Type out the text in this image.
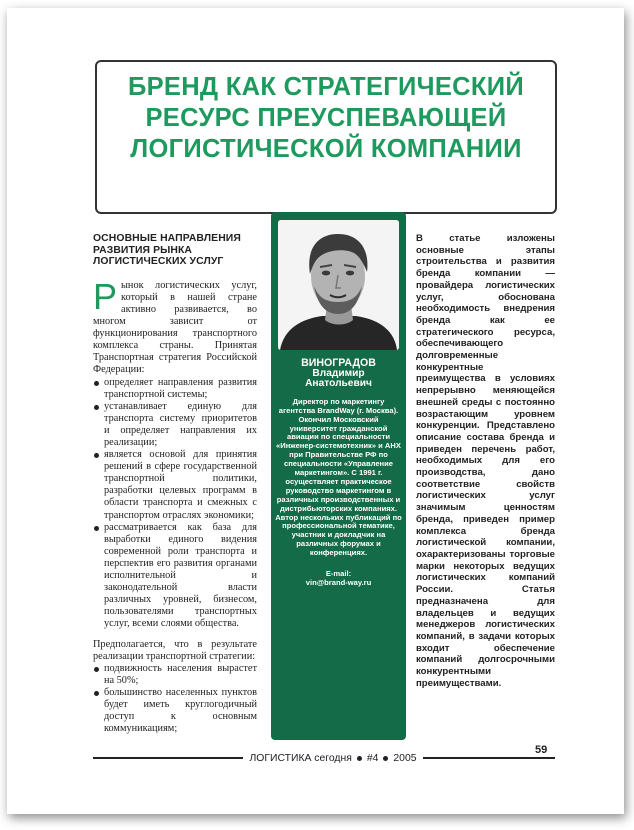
БРЕНД КАК СТРАТЕГИЧЕСКИЙ РЕСУРС ПРЕУСПЕВАЮЩЕЙ ЛОГИСТИЧЕСКОЙ КОМПАНИИ
ОСНОВНЫЕ НАПРАВЛЕНИЯ РАЗВИТИЯ РЫНКА ЛОГИСТИЧЕСКИХ УСЛУГ
Р ынок логистических услуг, который в нашей стране активно развивается, во многом зависит от функционирования транспортного комплекса страны. Принятая Транспортная стратегия Российской Федерации:
определяет направления развития транспортной системы;
устанавливает единую для транспорта систему приоритетов и определяет направления их реализации;
является основой для принятия решений в сфере государственной транспортной политики, разработки целевых программ в области транспорта и смежных с транспортом отраслях экономики;
рассматривается как база для выработки единого видения современной роли транспорта и перспектив его развития органами исполнительной и законодательной власти различных уровней, бизнесом, пользователями транспортных услуг, всеми слоями общества.
Предполагается, что в результате реализации транспортной стратегии:
подвижность населения вырастет на 50%;
большинство населенных пунктов будет иметь круглогодичный доступ к основным коммуникациям;
ВИНОГРАДОВ
Владимир
Анатольевич
Директор по маркетингу агентства BrandWay (г. Москва). Окончил Московский университет гражданской авиации по специальности «Инженер-системотехник» и АНХ при Правительстве РФ по специальности «Управление маркетингом». С 1991 г. осуществляет практическое руководство маркетингом в различных производственных и дистрибьюторских компаниях. Автор нескольких публикаций по профессиональной тематике, участник и докладчик на различных форумах и конференциях.
E-mail:
vin@brand-way.ru
В статье изложены основные этапы строительства и развития бренда компании — провайдера логистических услуг, обоснована необходимость внедрения бренда как ее стратегического ресурса, обеспечивающего долговременные конкурентные преимущества в условиях непрерывно меняющейся внешней среды с постоянно возрастающим уровнем конкуренции. Представлено описание состава бренда и приведен перечень работ, необходимых для его производства, дано соответствие свойств логистических услуг значимым ценностям бренда, приведен пример комплекса бренда логистической компании, охарактеризованы торговые марки некоторых ведущих логистических компаний России. Статья предназначена для владельцев и ведущих менеджеров логистических компаний, в задачи которых входит обеспечение компаний долгосрочными конкурентными преимуществами.
ЛОГИСТИКА сегодня #4 2005
59
